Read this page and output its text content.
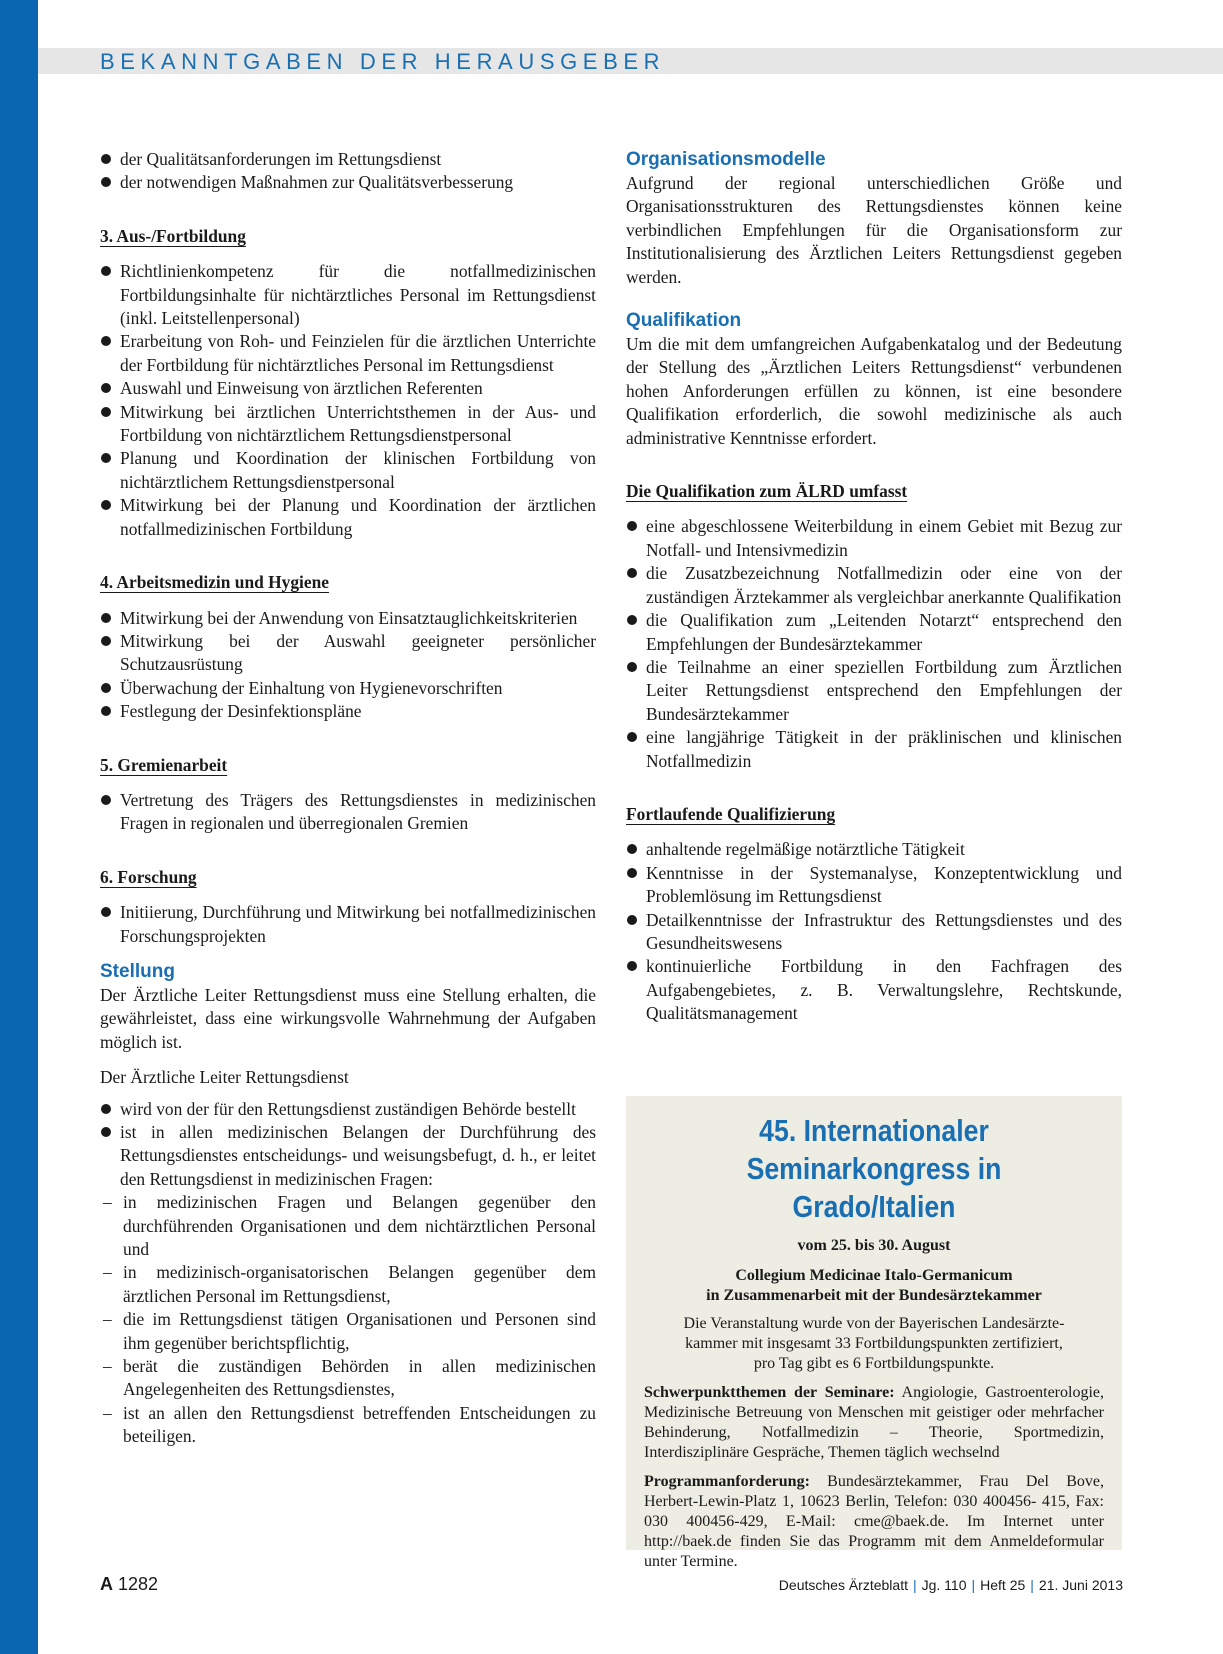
BEKANNTGABEN DER HERAUSGEBER
der Qualitätsanforderungen im Rettungsdienst
der notwendigen Maßnahmen zur Qualitätsverbesserung

3. Aus-/Fortbildung

Richtlinienkompetenz für die notfallmedizinischen Fortbildungsinhalte für nichtärztliches Personal im Rettungsdienst (inkl. Leitstellenpersonal)
Erarbeitung von Roh- und Feinzielen für die ärztlichen Unterrichte der Fortbildung für nichtärztliches Personal im Rettungsdienst
Auswahl und Einweisung von ärztlichen Referenten
Mitwirkung bei ärztlichen Unterrichtsthemen in der Aus- und Fortbildung von nichtärztlichem Rettungsdienstpersonal
Planung und Koordination der klinischen Fortbildung von nichtärztlichem Rettungsdienstpersonal
Mitwirkung bei der Planung und Koordination der ärztlichen notfallmedizinischen Fortbildung

4. Arbeitsmedizin und Hygiene

Mitwirkung bei der Anwendung von Einsatztauglichkeitskriterien
Mitwirkung bei der Auswahl geeigneter persönlicher Schutzausrüstung
Überwachung der Einhaltung von Hygienevorschriften
Festlegung der Desinfektionspläne

5. Gremienarbeit

Vertretung des Trägers des Rettungsdienstes in medizinischen Fragen in regionalen und überregionalen Gremien

6. Forschung

Initiierung, Durchführung und Mitwirkung bei notfallmedizinischen Forschungsprojekten

Stellung

Der Ärztliche Leiter Rettungsdienst muss eine Stellung erhalten, die gewährleistet, dass eine wirkungsvolle Wahrnehmung der Aufgaben möglich ist.

Der Ärztliche Leiter Rettungsdienst

wird von der für den Rettungsdienst zuständigen Behörde bestellt
ist in allen medizinischen Belangen der Durchführung des Rettungsdienstes entscheidungs- und weisungsbefugt, d. h., er leitet den Rettungsdienst in medizinischen Fragen:
– in medizinischen Fragen und Belangen gegenüber den durchführenden Organisationen und dem nichtärztlichen Personal und
– in medizinisch-organisatorischen Belangen gegenüber dem ärztlichen Personal im Rettungsdienst,
– die im Rettungsdienst tätigen Organisationen und Personen sind ihm gegenüber berichtspflichtig,
– berät die zuständigen Behörden in allen medizinischen Angelegenheiten des Rettungsdienstes,
– ist an allen den Rettungsdienst betreffenden Entscheidungen zu beteiligen.

Organisationsmodelle

Aufgrund der regional unterschiedlichen Größe und Organisationsstrukturen des Rettungsdienstes können keine verbindlichen Empfehlungen für die Organisationsform zur Institutionalisierung des Ärztlichen Leiters Rettungsdienst gegeben werden.

Qualifikation

Um die mit dem umfangreichen Aufgabenkatalog und der Bedeutung der Stellung des „Ärztlichen Leiters Rettungsdienst“ verbundenen hohen Anforderungen erfüllen zu können, ist eine besondere Qualifikation erforderlich, die sowohl medizinische als auch administrative Kenntnisse erfordert.

Die Qualifikation zum ÄLRD umfasst

eine abgeschlossene Weiterbildung in einem Gebiet mit Bezug zur Notfall- und Intensivmedizin
die Zusatzbezeichnung Notfallmedizin oder eine von der zuständigen Ärztekammer als vergleichbar anerkannte Qualifikation
die Qualifikation zum „Leitenden Notarzt“ entsprechend den Empfehlungen der Bundesärztekammer
die Teilnahme an einer speziellen Fortbildung zum Ärztlichen Leiter Rettungsdienst entsprechend den Empfehlungen der Bundesärztekammer
eine langjährige Tätigkeit in der präklinischen und klinischen Notfallmedizin

Fortlaufende Qualifizierung

anhaltende regelmäßige notärztliche Tätigkeit
Kenntnisse in der Systemanalyse, Konzeptentwicklung und Problemlösung im Rettungsdienst
Detailkenntnisse der Infrastruktur des Rettungsdienstes und des Gesundheitswesens
kontinuierliche Fortbildung in den Fachfragen des Aufgabengebietes, z. B. Verwaltungslehre, Rechtskunde, Qualitätsmanagement

45. Internationaler

Seminarkongress in Grado/Italien

vom 25. bis 30. August

Collegium Medicinae Italo-Germanicum

in Zusammenarbeit mit der Bundesärztekammer

Die Veranstaltung wurde von der Bayerischen Landesärzte-

kammer mit insgesamt 33 Fortbildungspunkten zertifiziert,

pro Tag gibt es 6 Fortbildungspunkte.

Schwerpunktthemen der Seminare: Angiologie, Gastroenterologie, Medizinische Betreuung von Menschen mit geistiger oder mehrfacher Behinderung, Notfallmedizin – Theorie, Sportmedizin, Interdisziplinäre Gespräche, Themen täglich wechselnd

Programmanforderung: Bundesärztekammer, Frau Del Bove, Herbert-Lewin-Platz 1, 10623 Berlin, Telefon: 030 400456- 415, Fax: 030 400456-429, E-Mail: cme@baek.de. Im Internet unter http://baek.de finden Sie das Programm mit dem Anmeldeformular unter Termine.

A 1282	Deutsches Ärzteblatt | Jg. 110 | Heft 25 | 21. Juni 2013
